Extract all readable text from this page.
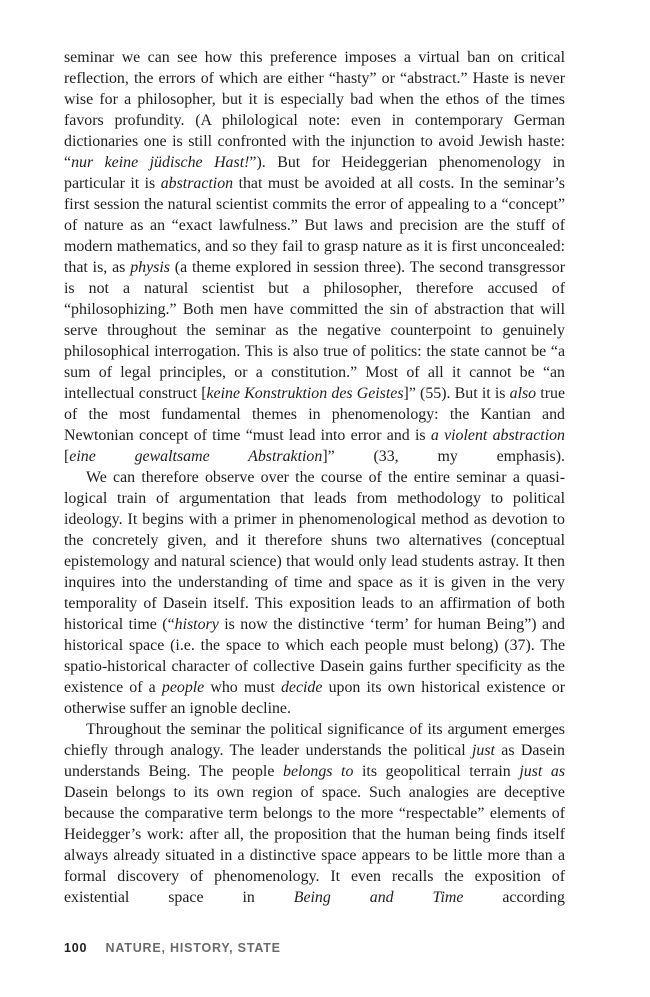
seminar we can see how this preference imposes a virtual ban on critical reflection, the errors of which are either “hasty” or “abstract.” Haste is never wise for a philosopher, but it is especially bad when the ethos of the times favors profundity. (A philological note: even in contemporary German dictionaries one is still confronted with the injunction to avoid Jewish haste: “nur keine jüdische Hast!”). But for Heideggerian phenomenology in particular it is abstraction that must be avoided at all costs. In the seminar’s first session the natural scientist commits the error of appealing to a “concept” of nature as an “exact lawfulness.” But laws and precision are the stuff of modern mathematics, and so they fail to grasp nature as it is first unconcealed: that is, as physis (a theme explored in session three). The second transgressor is not a natural scientist but a philosopher, therefore accused of “philosophizing.” Both men have committed the sin of abstraction that will serve throughout the seminar as the negative counterpoint to genuinely philosophical interrogation. This is also true of politics: the state cannot be “a sum of legal principles, or a constitution.” Most of all it cannot be “an intellectual construct [keine Konstruktion des Geistes]” (55). But it is also true of the most fundamental themes in phenomenology: the Kantian and Newtonian concept of time “must lead into error and is a violent abstraction [eine gewaltsame Abstraktion]” (33, my emphasis).

We can therefore observe over the course of the entire seminar a quasi- logical train of argumentation that leads from methodology to political ideology. It begins with a primer in phenomenological method as devotion to the concretely given, and it therefore shuns two alternatives (conceptual epistemology and natural science) that would only lead students astray. It then inquires into the understanding of time and space as it is given in the very temporality of Dasein itself. This exposition leads to an affirmation of both historical time (“history is now the distinctive ‘term’ for human Being”) and historical space (i.e. the space to which each people must belong) (37). The spatio-historical character of collective Dasein gains further specificity as the existence of a people who must decide upon its own historical existence or otherwise suffer an ignoble decline.

Throughout the seminar the political significance of its argument emerges chiefly through analogy. The leader understands the political just as Dasein understands Being. The people belongs to its geopolitical terrain just as Dasein belongs to its own region of space. Such analogies are deceptive because the comparative term belongs to the more “respectable” elements of Heidegger’s work: after all, the proposition that the human being finds itself always already situated in a distinctive space appears to be little more than a formal discovery of phenomenology. It even recalls the exposition of existential space in Being and Time according

100 NATURE, HISTORY, STATE
